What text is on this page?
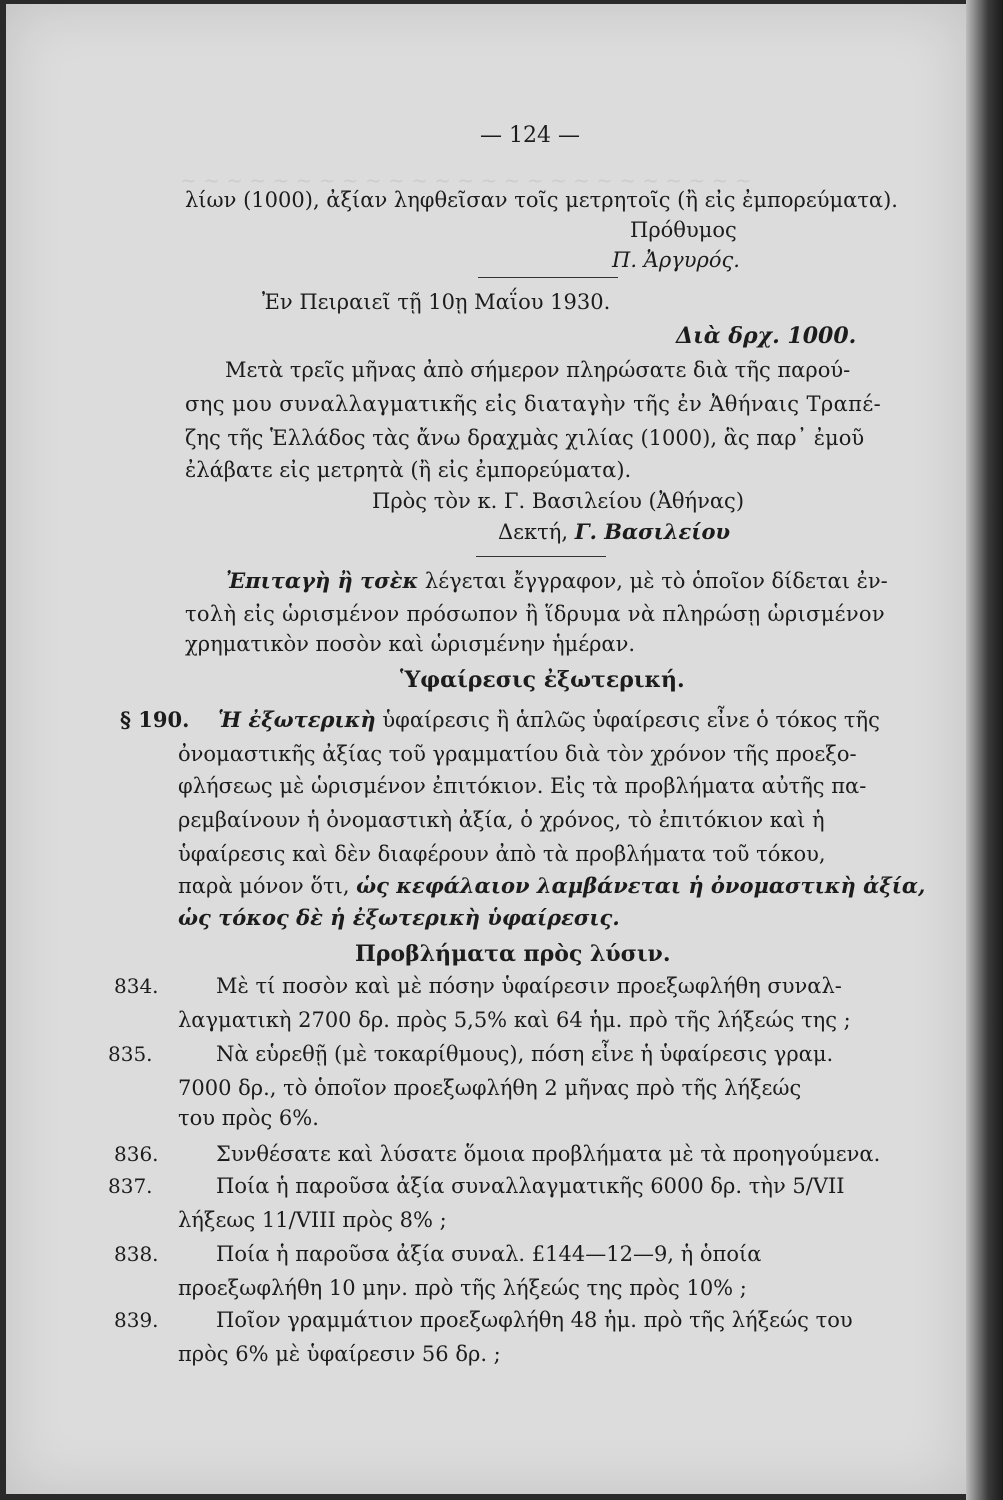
~ ~ ~ ~ ~ ~ ~ ~ ~ ~ ~ ~ ~ ~ ~ ~ ~ ~ ~ ~ ~ ~ ~ ~ ~
— 124 —
λίων (1000), ἀξίαν ληφθεῖσαν τοῖς μετρητοῖς (ἢ εἰς ἐμπορεύματα).
Πρόθυμος
Π. Ἀργυρός.
Ἐν Πειραιεῖ τῇ 10ῃ Μαΐου 1930.
Διὰ δρχ. 1000.
Μετὰ τρεῖς μῆνας ἀπὸ σήμερον πληρώσατε διὰ τῆς παρού-
σης μου συναλλαγματικῆς εἰς διαταγὴν τῆς ἐν Ἀθήναις Τραπέ-
ζης τῆς Ἑλλάδος τὰς ἄνω δραχμὰς χιλίας (1000), ἃς παρ᾿ ἐμοῦ
ἐλάβατε εἰς μετρητὰ (ἢ εἰς ἐμπορεύματα).
Πρὸς τὸν κ. Γ. Βασιλείου (Ἀθήνας)
Δεκτή, Γ. Βασιλείου
Ἐπιταγὴ ἢ τσὲκ λέγεται ἔγγραφον, μὲ τὸ ὁποῖον δίδεται ἐν-
τολὴ εἰς ὡρισμένον πρόσωπον ἢ ἵδρυμα νὰ πληρώσῃ ὡρισμένον
χρηματικὸν ποσὸν καὶ ὡρισμένην ἡμέραν.
Ὑφαίρεσις ἐξωτερική.
§ 190. Ἡ ἐξωτερικὴ ὑφαίρεσις ἢ ἁπλῶς ὑφαίρεσις εἶνε ὁ τόκος τῆς
ὀνομαστικῆς ἀξίας τοῦ γραμματίου διὰ τὸν χρόνον τῆς προεξο-
φλήσεως μὲ ὡρισμένον ἐπιτόκιον. Εἰς τὰ προβλήματα αὐτῆς πα-
ρεμβαίνουν ἡ ὀνομαστικὴ ἀξία, ὁ χρόνος, τὸ ἐπιτόκιον καὶ ἡ
ὑφαίρεσις καὶ δὲν διαφέρουν ἀπὸ τὰ προβλήματα τοῦ τόκου,
παρὰ μόνον ὅτι, ὡς κεφάλαιον λαμβάνεται ἡ ὀνομαστικὴ ἀξία,
ὡς τόκος δὲ ἡ ἐξωτερικὴ ὑφαίρεσις.
Προβλήματα πρὸς λύσιν.
834.	Μὲ τί ποσὸν καὶ μὲ πόσην ὑφαίρεσιν προεξωφλήθη συναλ-
λαγματικὴ 2700 δρ. πρὸς 5,5% καὶ 64 ἡμ. πρὸ τῆς λήξεώς της ;
835.	Νὰ εὑρεθῇ (μὲ τοκαρίθμους), πόση εἶνε ἡ ὑφαίρεσις γραμ.
7000 δρ., τὸ ὁποῖον προεξωφλήθη 2 μῆνας πρὸ τῆς λήξεώς
του πρὸς 6%.
836.	Συνθέσατε καὶ λύσατε ὅμοια προβλήματα μὲ τὰ προηγούμενα.
837.	Ποία ἡ παροῦσα ἀξία συναλλαγματικῆς 6000 δρ. τὴν 5/VII
λήξεως 11/VIII πρὸς 8% ;
838.	Ποία ἡ παροῦσα ἀξία συναλ. £144—12—9, ἡ ὁποία
προεξωφλήθη 10 μην. πρὸ τῆς λήξεώς της πρὸς 10% ;
839.	Ποῖον γραμμάτιον προεξωφλήθη 48 ἡμ. πρὸ τῆς λήξεώς του
πρὸς 6% μὲ ὑφαίρεσιν 56 δρ. ;
